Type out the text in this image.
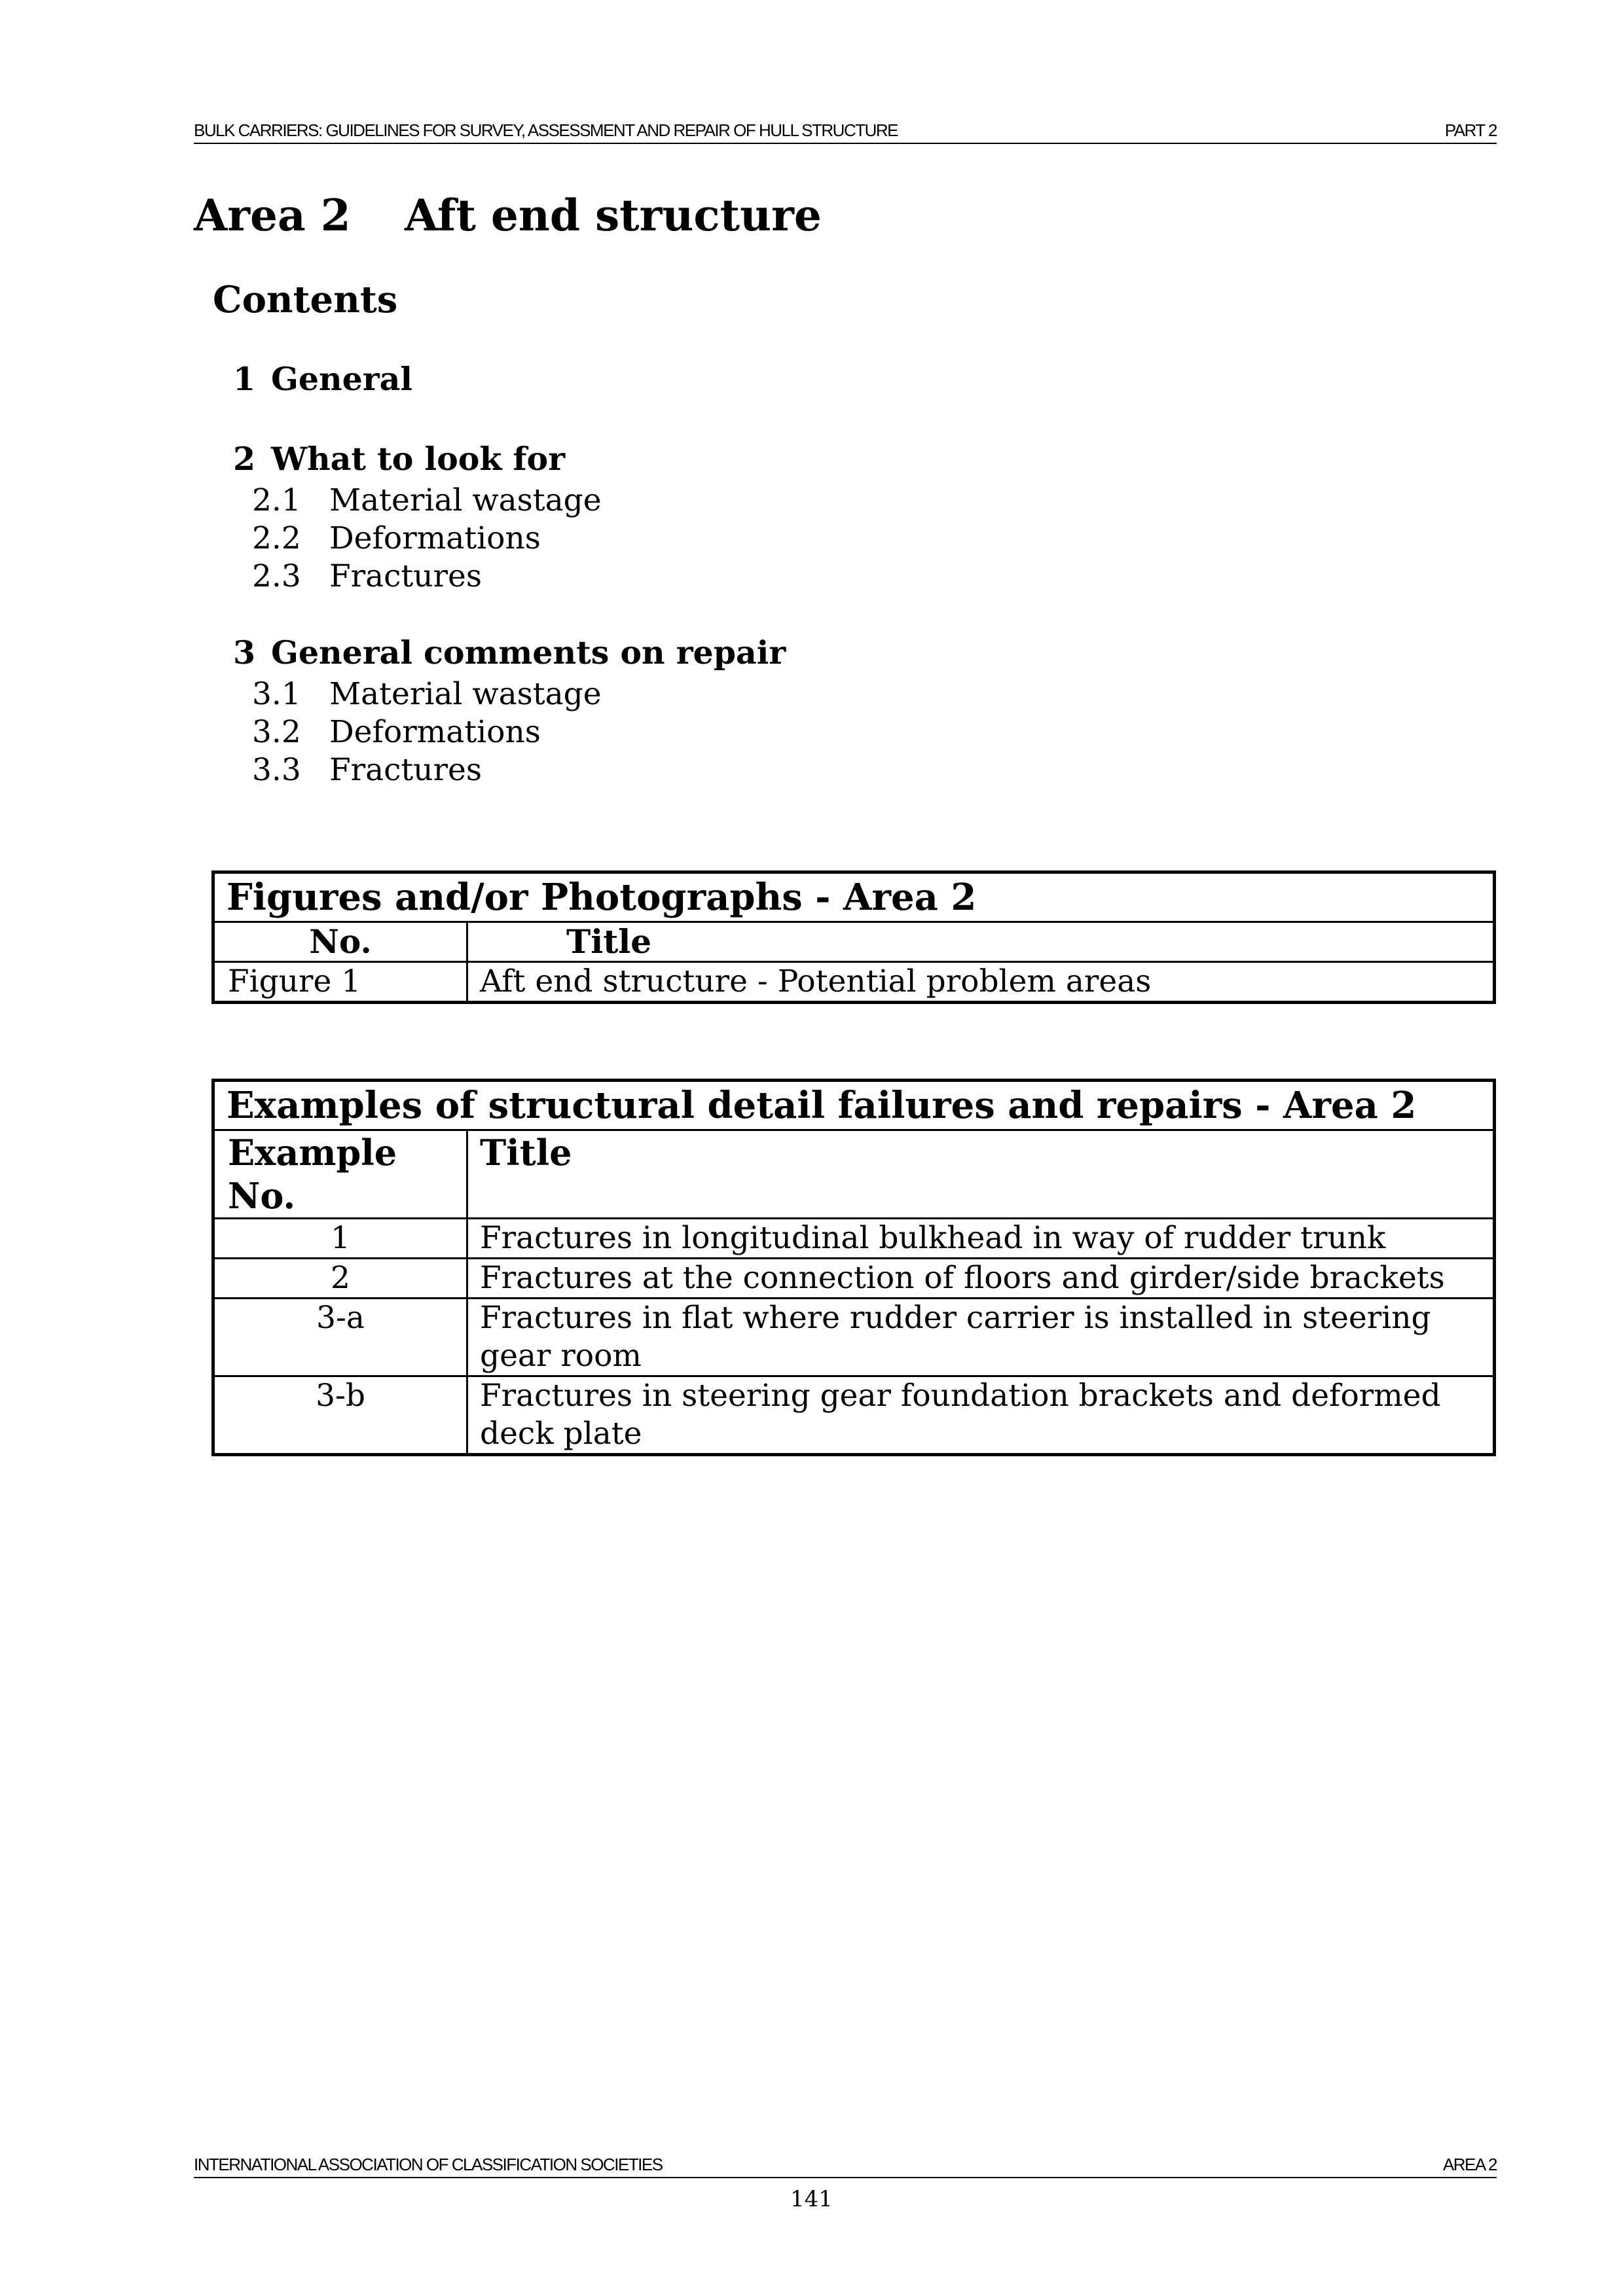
BULK CARRIERS: GUIDELINES FOR SURVEY, ASSESSMENT AND REPAIR OF HULL STRUCTURE	PART 2
Area 2 Aft end structure
Contents
1 General
2 What to look for
2.1 Material wastage
2.2 Deformations
2.3 Fractures
3 General comments on repair
3.1 Material wastage
3.2 Deformations
3.3 Fractures
Figures and/or Photographs - Area 2	
No.	Title
Figure 1	Aft end structure - Potential problem areas
Examples of structural detail failures and repairs - Area 2	
Example No.	Title
1	Fractures in longitudinal bulkhead in way of rudder trunk
2	Fractures at the connection of floors and girder/side brackets
3-a	Fractures in flat where rudder carrier is installed in steering gear room
3-b	Fractures in steering gear foundation brackets and deformed deck plate
INTERNATIONAL ASSOCIATION OF CLASSIFICATION SOCIETIES	AREA 2
141
